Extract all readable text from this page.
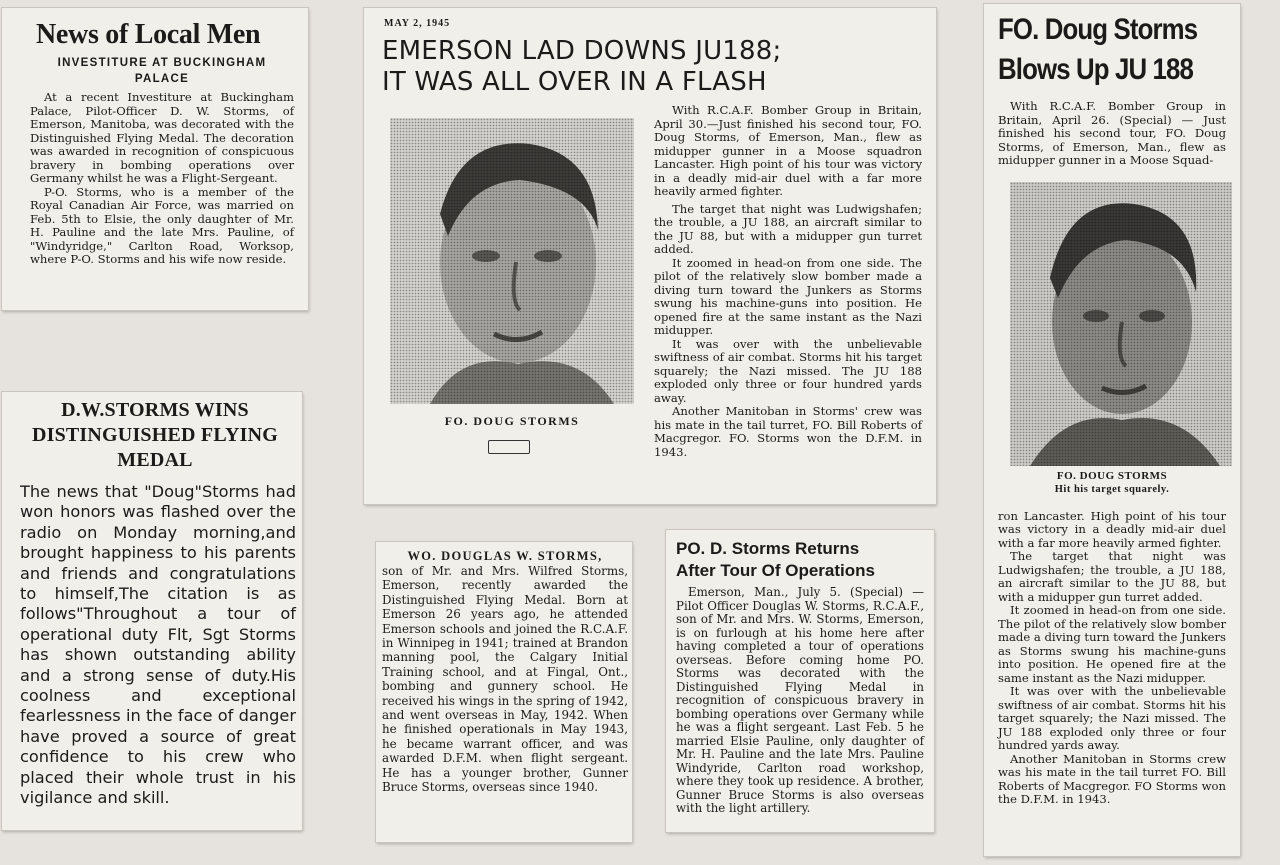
News of Local Men
INVESTITURE AT BUCKINGHAM PALACE

At a recent Investiture at Buckingham Palace, Pilot-Officer D. W. Storms, of Emerson, Manitoba, was decorated with the Distinguished Flying Medal. The decoration was awarded in recognition of conspicuous bravery in bombing operations over Germany whilst he was a Flight-Sergeant.

P-O. Storms, who is a member of the Royal Canadian Air Force, was married on Feb. 5th to Elsie, the only daughter of Mr. H. Pauline and the late Mrs. Pauline, of "Windyridge," Carlton Road, Worksop, where P-O. Storms and his wife now reside.

D.W.STORMS WINS DISTINGUISHED FLYING MEDAL
The news that "Doug"Storms had won honors was flashed over the radio on Monday morning,and brought happiness to his parents and friends and congratulations to himself,The citation is as follows"Throughout a tour of operational duty Flt, Sgt Storms has shown outstanding ability and a strong sense of duty.His coolness and exceptional fearlessness in the face of danger have proved a source of great confidence to his crew who placed their whole trust in his vigilance and skill.
MAY 2, 1945
EMERSON LAD DOWNS JU188;
IT WAS ALL OVER IN A FLASH
FO. DOUG STORMS

With R.C.A.F. Bomber Group in Britain, April 30.—Just finished his second tour, FO. Doug Storms, of Emerson, Man., flew as midupper gunner in a Moose squadron Lancaster. High point of his tour was victory in a deadly mid-air duel with a far more heavily armed fighter.

The target that night was Ludwigshafen; the trouble, a JU 188, an aircraft similar to the JU 88, but with a midupper gun turret added.

It zoomed in head-on from one side. The pilot of the relatively slow bomber made a diving turn toward the Junkers as Storms swung his machine-guns into position. He opened fire at the same instant as the Nazi midupper.

It was over with the unbelievable swiftness of air combat. Storms hit his target squarely; the Nazi missed. The JU 188 exploded only three or four hundred yards away.

Another Manitoban in Storms' crew was his mate in the tail turret, FO. Bill Roberts of Macgregor. FO. Storms won the D.F.M. in 1943.

WO. DOUGLAS W. STORMS,

son of Mr. and Mrs. Wilfred Storms, Emerson, recently awarded the Distinguished Flying Medal. Born at Emerson 26 years ago, he attended Emerson schools and joined the R.C.A.F. in Winnipeg in 1941; trained at Brandon manning pool, the Calgary Initial Training school, and at Fingal, Ont., bombing and gunnery school. He received his wings in the spring of 1942, and went overseas in May, 1942. When he finished operationals in May 1943, he became warrant officer, and was awarded D.F.M. when flight sergeant. He has a younger brother, Gunner Bruce Storms, overseas since 1940.

PO. D. Storms Returns
After Tour Of Operations

Emerson, Man., July 5. (Special) —Pilot Officer Douglas W. Storms, R.C.A.F., son of Mr. and Mrs. W. Storms, Emerson, is on furlough at his home here after having completed a tour of operations overseas. Before coming home PO. Storms was decorated with the Distinguished Flying Medal in recognition of conspicuous bravery in bombing operations over Germany while he was a flight sergeant. Last Feb. 5 he married Elsie Pauline, only daughter of Mr. H. Pauline and the late Mrs. Pauline Windyride, Carlton road workshop, where they took up residence. A brother, Gunner Bruce Storms is also overseas with the light artillery.

FO. Doug Storms
Blows Up JU 188

With R.C.A.F. Bomber Group in Britain, April 26. (Special) — Just finished his second tour, FO. Doug Storms, of Emerson, Man., flew as midupper gunner in a Moose Squad-

FO. DOUG STORMS
Hit his target squarely.

ron Lancaster. High point of his tour was victory in a deadly mid-air duel with a far more heavily armed fighter.

The target that night was Ludwigshafen; the trouble, a JU 188, an aircraft similar to the JU 88, but with a midupper gun turret added.

It zoomed in head-on from one side. The pilot of the relatively slow bomber made a diving turn toward the Junkers as Storms swung his machine-guns into position. He opened fire at the same instant as the Nazi midupper.

It was over with the unbelievable swiftness of air combat. Storms hit his target squarely; the Nazi missed. The JU 188 exploded only three or four hundred yards away.

Another Manitoban in Storms crew was his mate in the tail turret FO. Bill Roberts of Macgregor. FO Storms won the D.F.M. in 1943.
